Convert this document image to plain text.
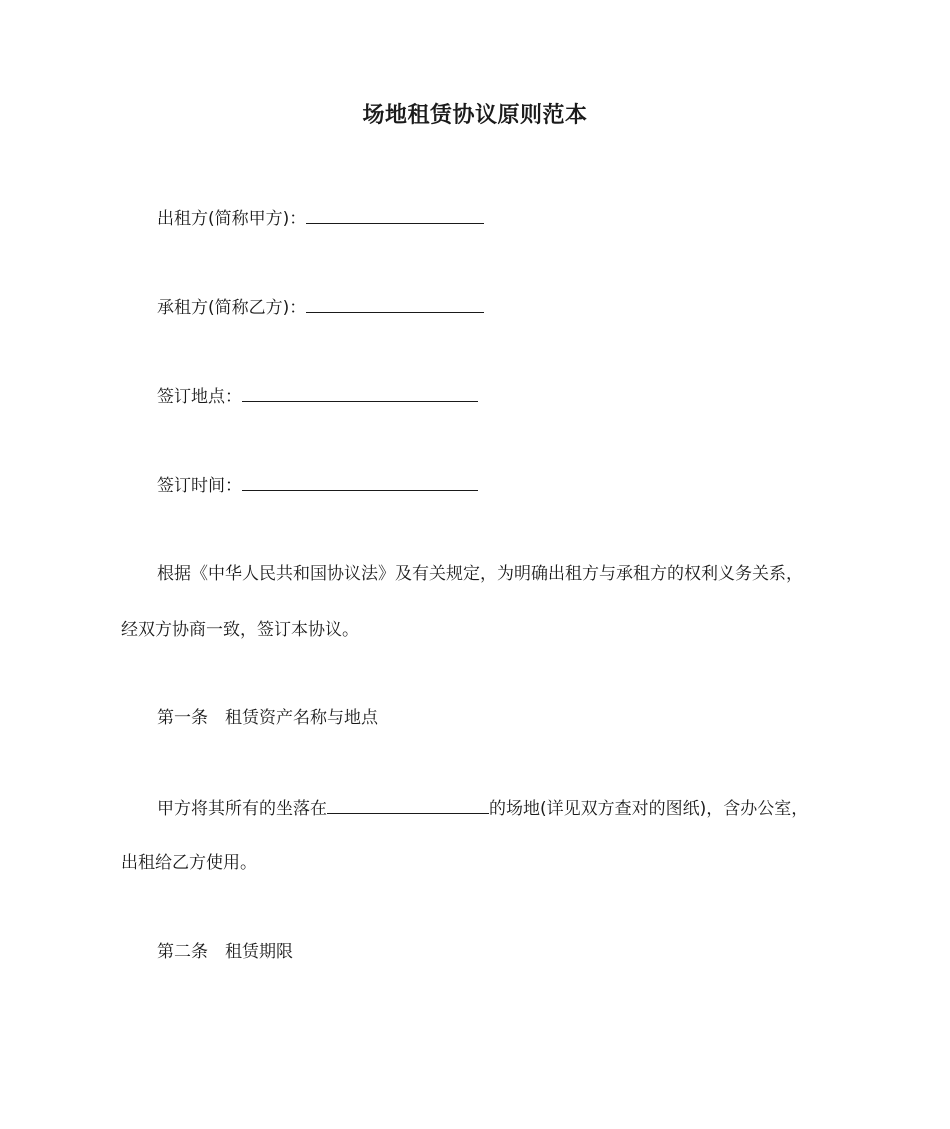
场地租赁协议原则范本
出租方(简称甲方)：
承租方(简称乙方)：
签订地点：
签订时间：
根据《中华人民共和国协议法》及有关规定，为明确出租方与承租方的权利义务关系，
经双方协商一致，签订本协议。
第一条 租赁资产名称与地点
甲方将其所有的坐落在	的场地(详见双方查对的图纸)，含办公室，
出租给乙方使用。
第二条 租赁期限
